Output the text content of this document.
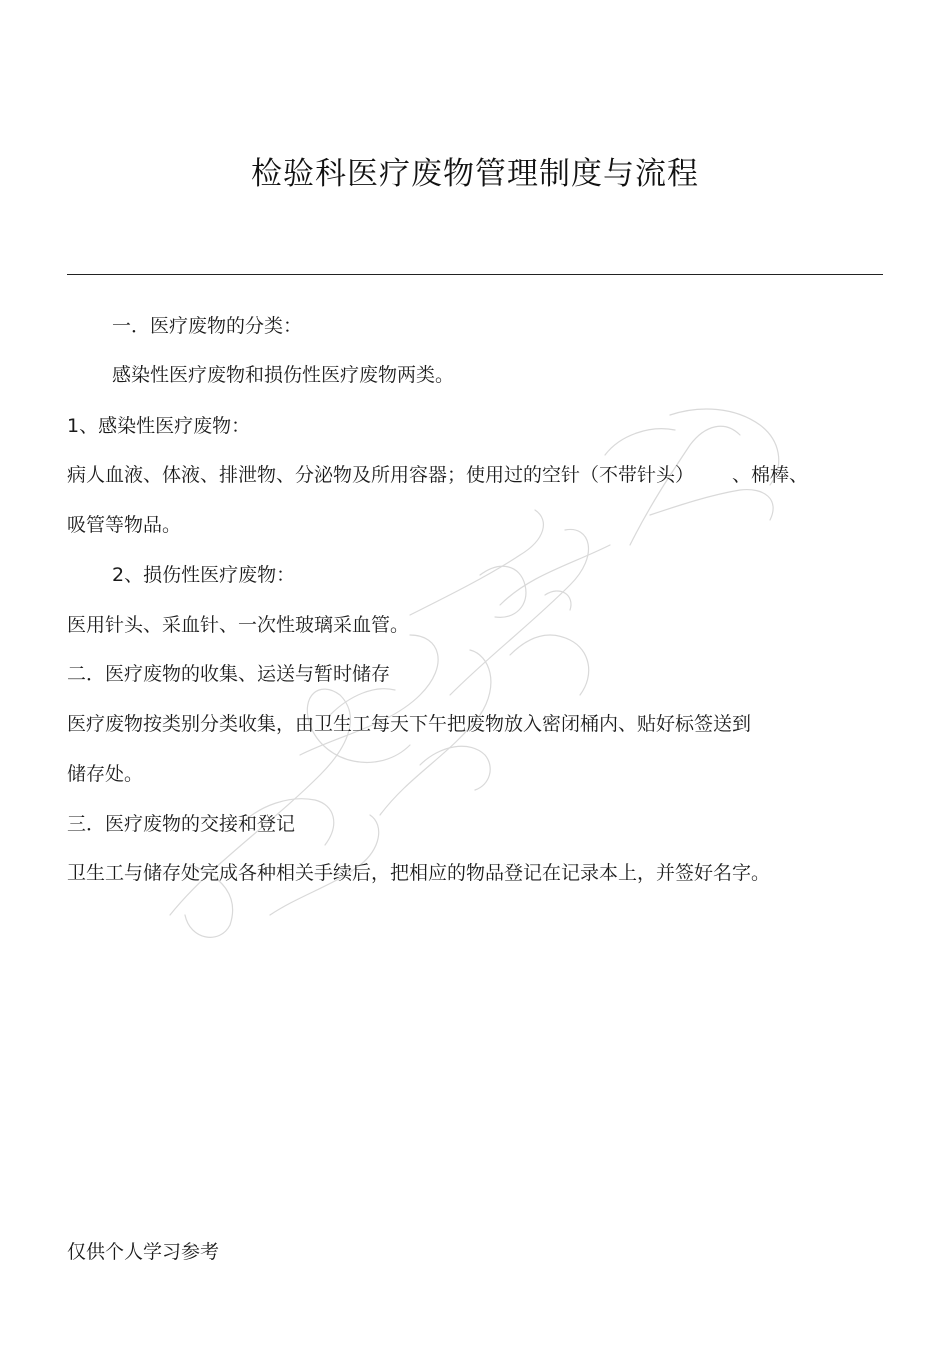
检验科医疗废物管理制度与流程
一．医疗废物的分类：
感染性医疗废物和损伤性医疗废物两类。
1、感染性医疗废物：
病人血液、体液、排泄物、分泌物及所用容器；使用过的空针（不带针头） 、棉棒、
吸管等物品。
2、损伤性医疗废物：
医用针头、采血针、一次性玻璃采血管。
二．医疗废物的收集、运送与暂时储存
医疗废物按类别分类收集，由卫生工每天下午把废物放入密闭桶内、贴好标签送到
储存处。
三．医疗废物的交接和登记
卫生工与储存处完成各种相关手续后，把相应的物品登记在记录本上，并签好名字。
仅供个人学习参考
